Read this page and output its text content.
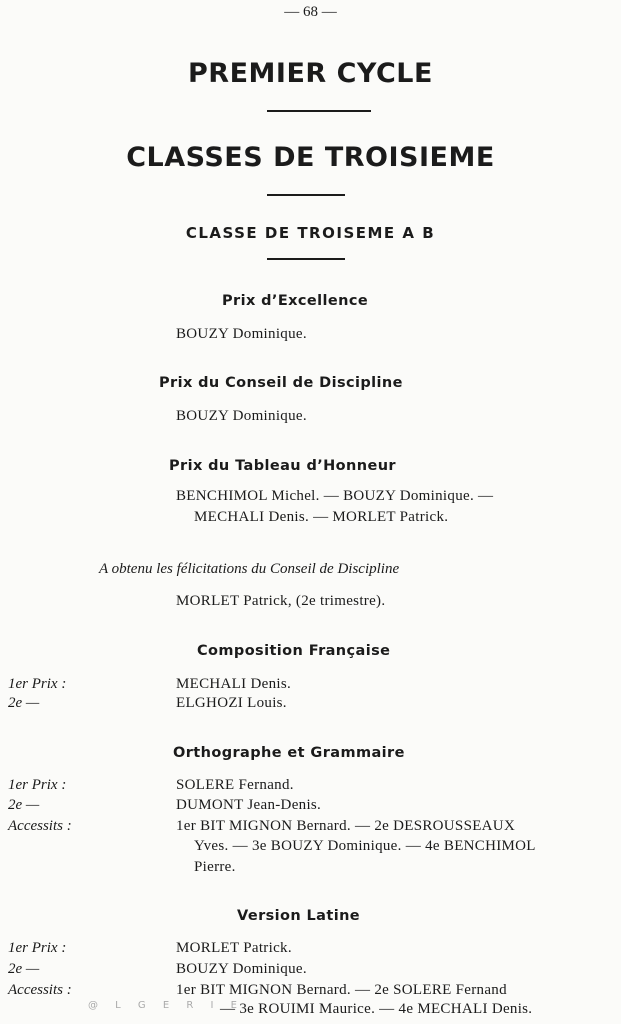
— 68 —
PREMIER CYCLE
CLASSES DE TROISIEME
CLASSE DE TROISEME A B
Prix d’Excellence
BOUZY Dominique.
Prix du Conseil de Discipline
BOUZY Dominique.
Prix du Tableau d’Honneur
BENCHIMOL Michel. — BOUZY Dominique. —
MECHALI Denis. — MORLET Patrick.
A obtenu les félicitations du Conseil de Discipline
MORLET Patrick, (2e trimestre).
Composition Française
1er Prix :	MECHALI Denis.
2e —	ELGHOZI Louis.
Orthographe et Grammaire
1er Prix :	SOLERE Fernand.
2e —	DUMONT Jean-Denis.
Accessits :	1er BIT MIGNON Bernard. — 2e DESROUSSEAUX
Yves. — 3e BOUZY Dominique. — 4e BENCHIMOL
Pierre.
Version Latine
1er Prix :	MORLET Patrick.
2e —	BOUZY Dominique.
Accessits :	1er BIT MIGNON Bernard. — 2e SOLERE Fernand
— 3e ROUIMI Maurice. — 4e MECHALI Denis.
@ L G E R I E
